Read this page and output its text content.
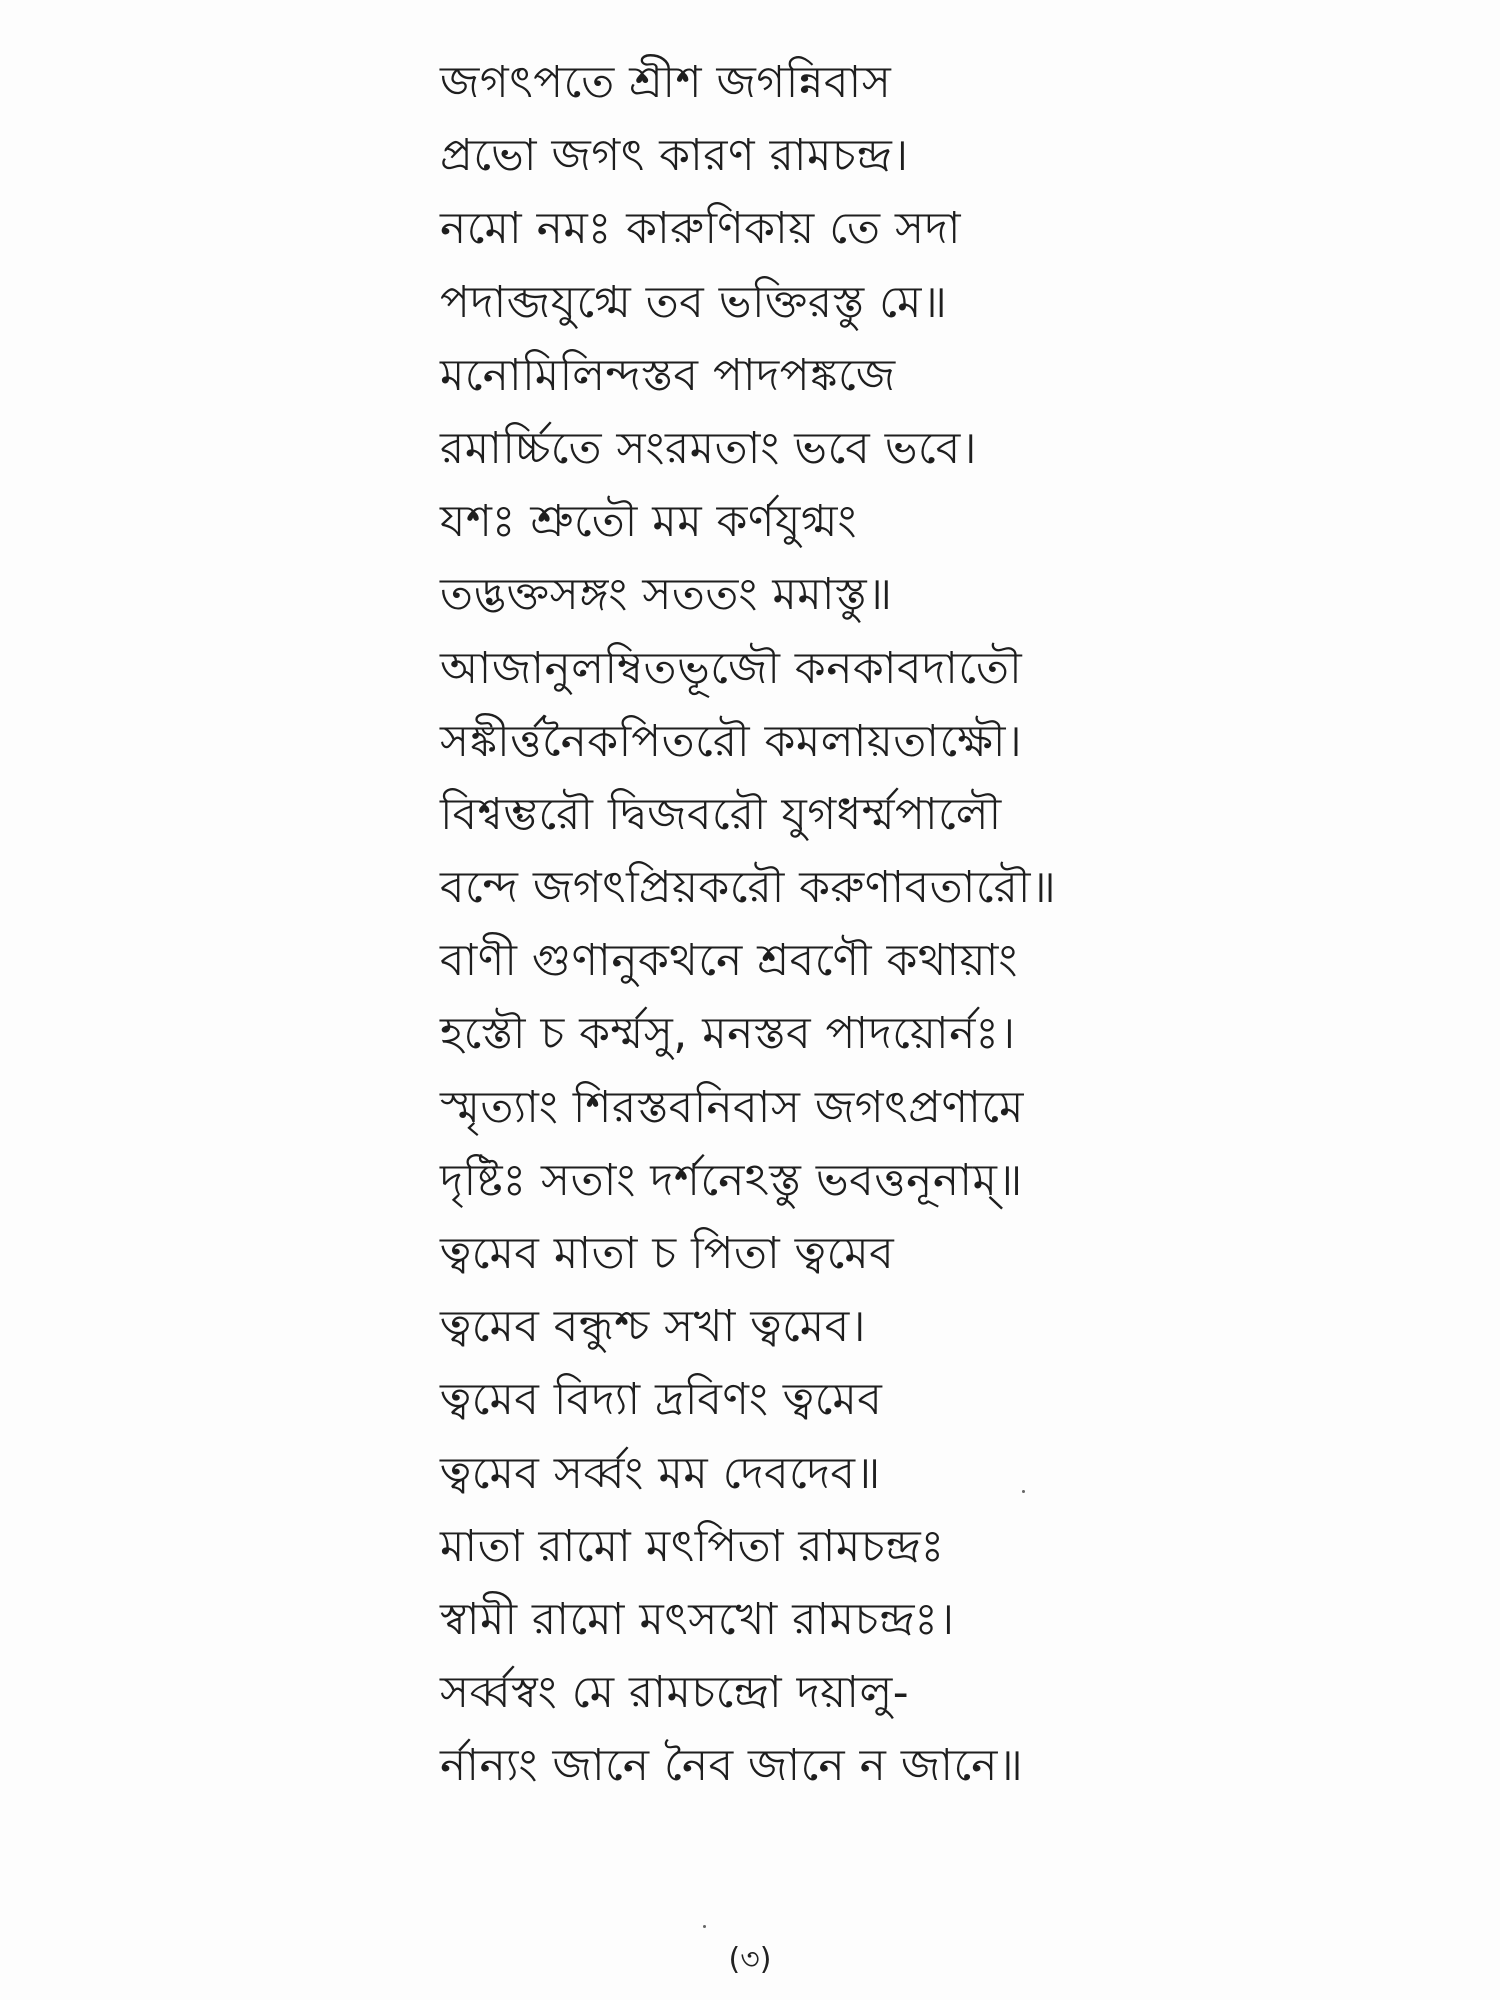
জগৎপতে শ্রীশ জগন্নিবাস
প্রভো জগৎ কারণ রামচন্দ্র।
নমো নমঃ কারুণিকায় তে সদা
পদাব্জযুগ্মে তব ভক্তিরস্তু মে॥
মনোমিলিন্দস্তব পাদপঙ্কজে
রমার্চ্চিতে সংরমতাং ভবে ভবে।
যশঃ শ্রুতৌ মম কর্ণযুগ্মং
তদ্ভক্তসঙ্গং সততং মমাস্তু॥
আজানুলম্বিতভূজৌ কনকাবদাতৌ
সঙ্কীর্ত্তনৈকপিতরৌ কমলায়তাক্ষৌ।
বিশ্বম্ভরৌ দ্বিজবরৌ যুগধর্ম্মপালৌ
বন্দে জগৎপ্রিয়করৌ করুণাবতারৌ॥
বাণী গুণানুকথনে শ্রবণৌ কথায়াং
হস্তৌ চ কর্ম্মসু, মনস্তব পাদয়োর্নঃ।
স্মৃত্যাং শিরস্তবনিবাস জগৎপ্রণামে
দৃষ্টিঃ সতাং দর্শনেঽস্তু ভবত্তনূনাম্॥
ত্বমেব মাতা চ পিতা ত্বমেব
ত্বমেব বন্ধুশ্চ সখা ত্বমেব।
ত্বমেব বিদ্যা দ্রবিণং ত্বমেব
ত্বমেব সর্ব্বং মম দেবদেব॥
মাতা রামো মৎপিতা রামচন্দ্রঃ
স্বামী রামো মৎসখো রামচন্দ্রঃ।
সর্ব্বস্বং মে রামচন্দ্রো দয়ালু-
র্নান্যং জানে নৈব জানে ন জানে॥
(৩)
